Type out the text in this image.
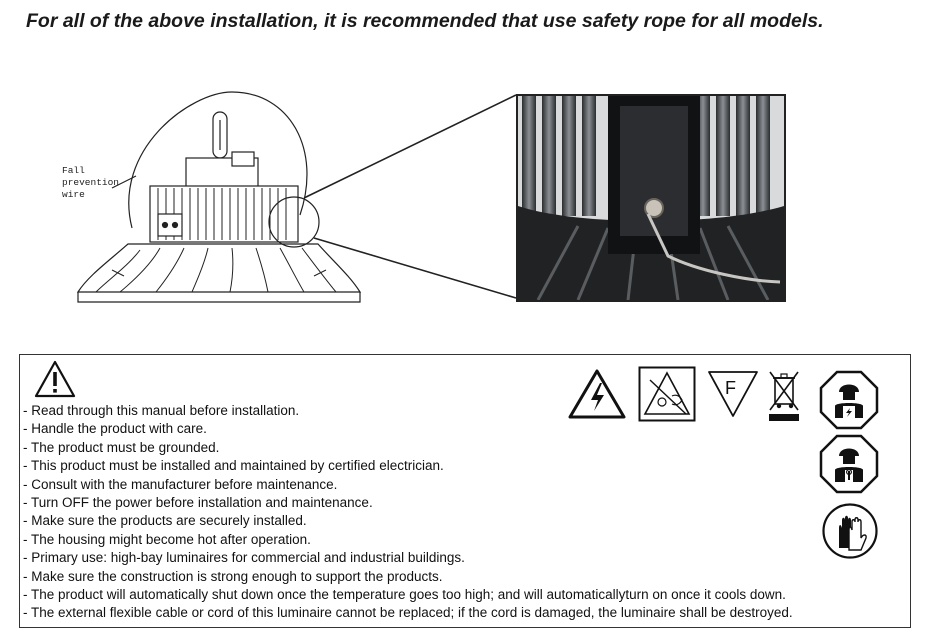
For all of the above installation, it is recommended that use safety rope for all models.
Fall
prevention
wire
- Read through this manual before installation.
- Handle the product with care.
- The product must be grounded.
- This product must be installed and maintained by certified electrician.
- Consult with the manufacturer before maintenance.
- Turn OFF the power before installation and maintenance.
- Make sure the products are securely installed.
- The housing might become hot after operation.
- Primary use: high-bay luminaires for commercial and industrial buildings.
- Make sure the construction is strong enough to support the products.
- The product will automatically shut down once the temperature goes too high; and will automaticallyturn on once it cools down.
- The external flexible cable or cord of this luminaire cannot be replaced; if the cord is damaged, the luminaire shall be destroyed.
F
